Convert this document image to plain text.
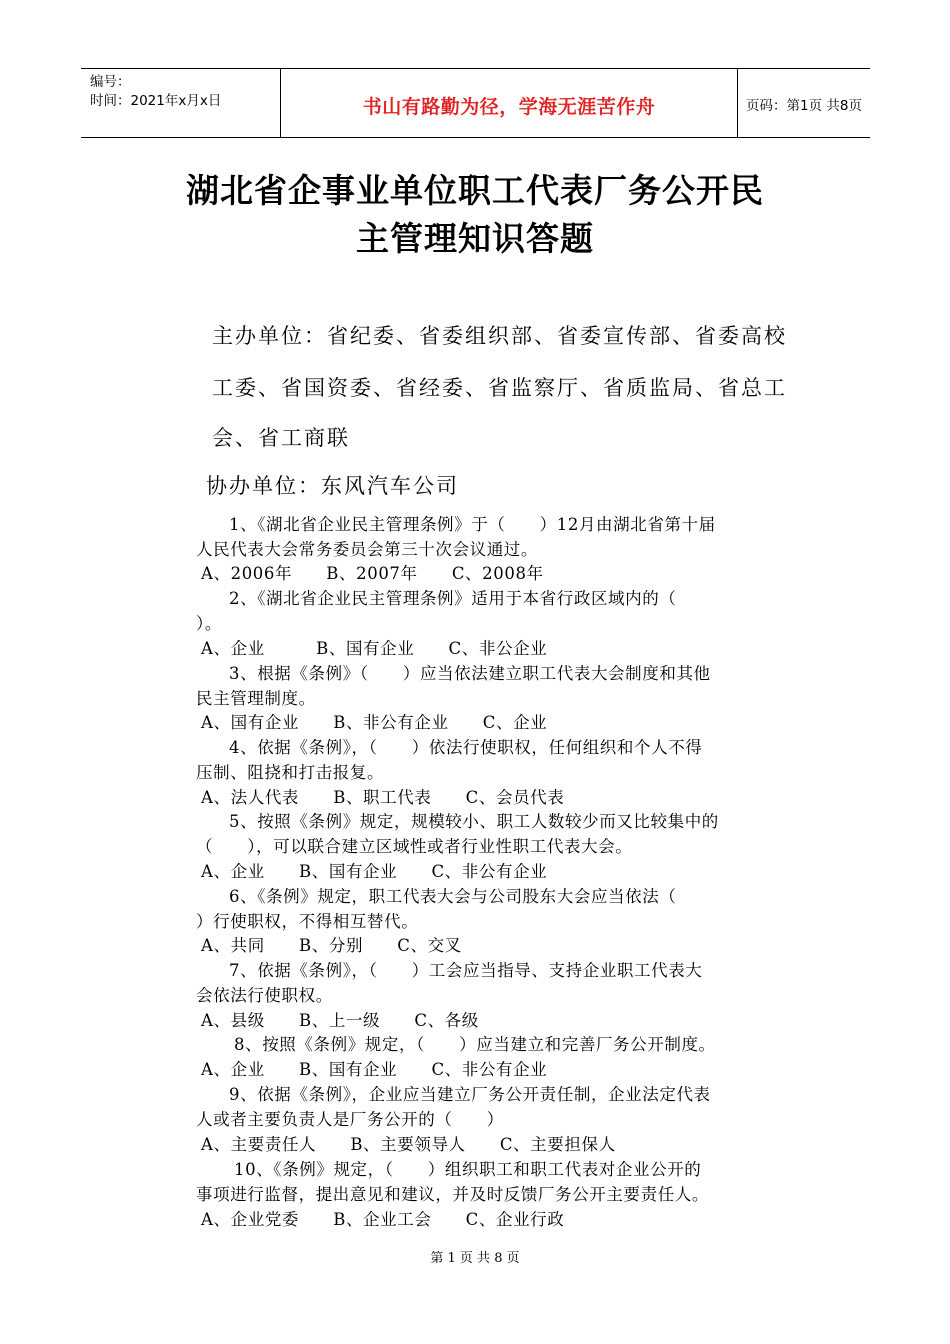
编号：
时间：2021年x月x日	书山有路勤为径，学海无涯苦作舟	页码：第1页 共8页
湖北省企事业单位职工代表厂务公开民
主管理知识答题
主办单位：省纪委、省委组织部、省委宣传部、省委高校
工委、省国资委、省经委、省监察厅、省质监局、省总工
会、省工商联
协办单位：东风汽车公司
1、《湖北省企业民主管理条例》于（　　）12月由湖北省第十届
人民代表大会常务委员会第三十次会议通过。
A、2006年　　B、2007年　　C、2008年
2、《湖北省企业民主管理条例》适用于本省行政区域内的（
）。
A、企业　　　B、国有企业　　C、非公企业
3、根据《条例》（　　）应当依法建立职工代表大会制度和其他
民主管理制度。
A、国有企业　　B、非公有企业　　C、企业
4、依据《条例》，（　　）依法行使职权，任何组织和个人不得
压制、阻挠和打击报复。
A、法人代表　　B、职工代表　　C、会员代表
5、按照《条例》规定，规模较小、职工人数较少而又比较集中的
（　　），可以联合建立区域性或者行业性职工代表大会。
A、企业　　B、国有企业　　C、非公有企业
6、《条例》规定，职工代表大会与公司股东大会应当依法（
）行使职权，不得相互替代。
A、共同　　B、分别　　C、交叉
7、依据《条例》，（　　）工会应当指导、支持企业职工代表大
会依法行使职权。
A、县级　　B、上一级　　C、各级
8、按照《条例》规定，（　　）应当建立和完善厂务公开制度。
A、企业　　B、国有企业　　C、非公有企业
9、依据《条例》，企业应当建立厂务公开责任制，企业法定代表
人或者主要负责人是厂务公开的（　　）
A、主要责任人　　B、主要领导人　　C、主要担保人
10、《条例》规定，（　　）组织职工和职工代表对企业公开的
事项进行监督，提出意见和建议，并及时反馈厂务公开主要责任人。
A、企业党委　　B、企业工会　　C、企业行政
第 1 页 共 8 页
